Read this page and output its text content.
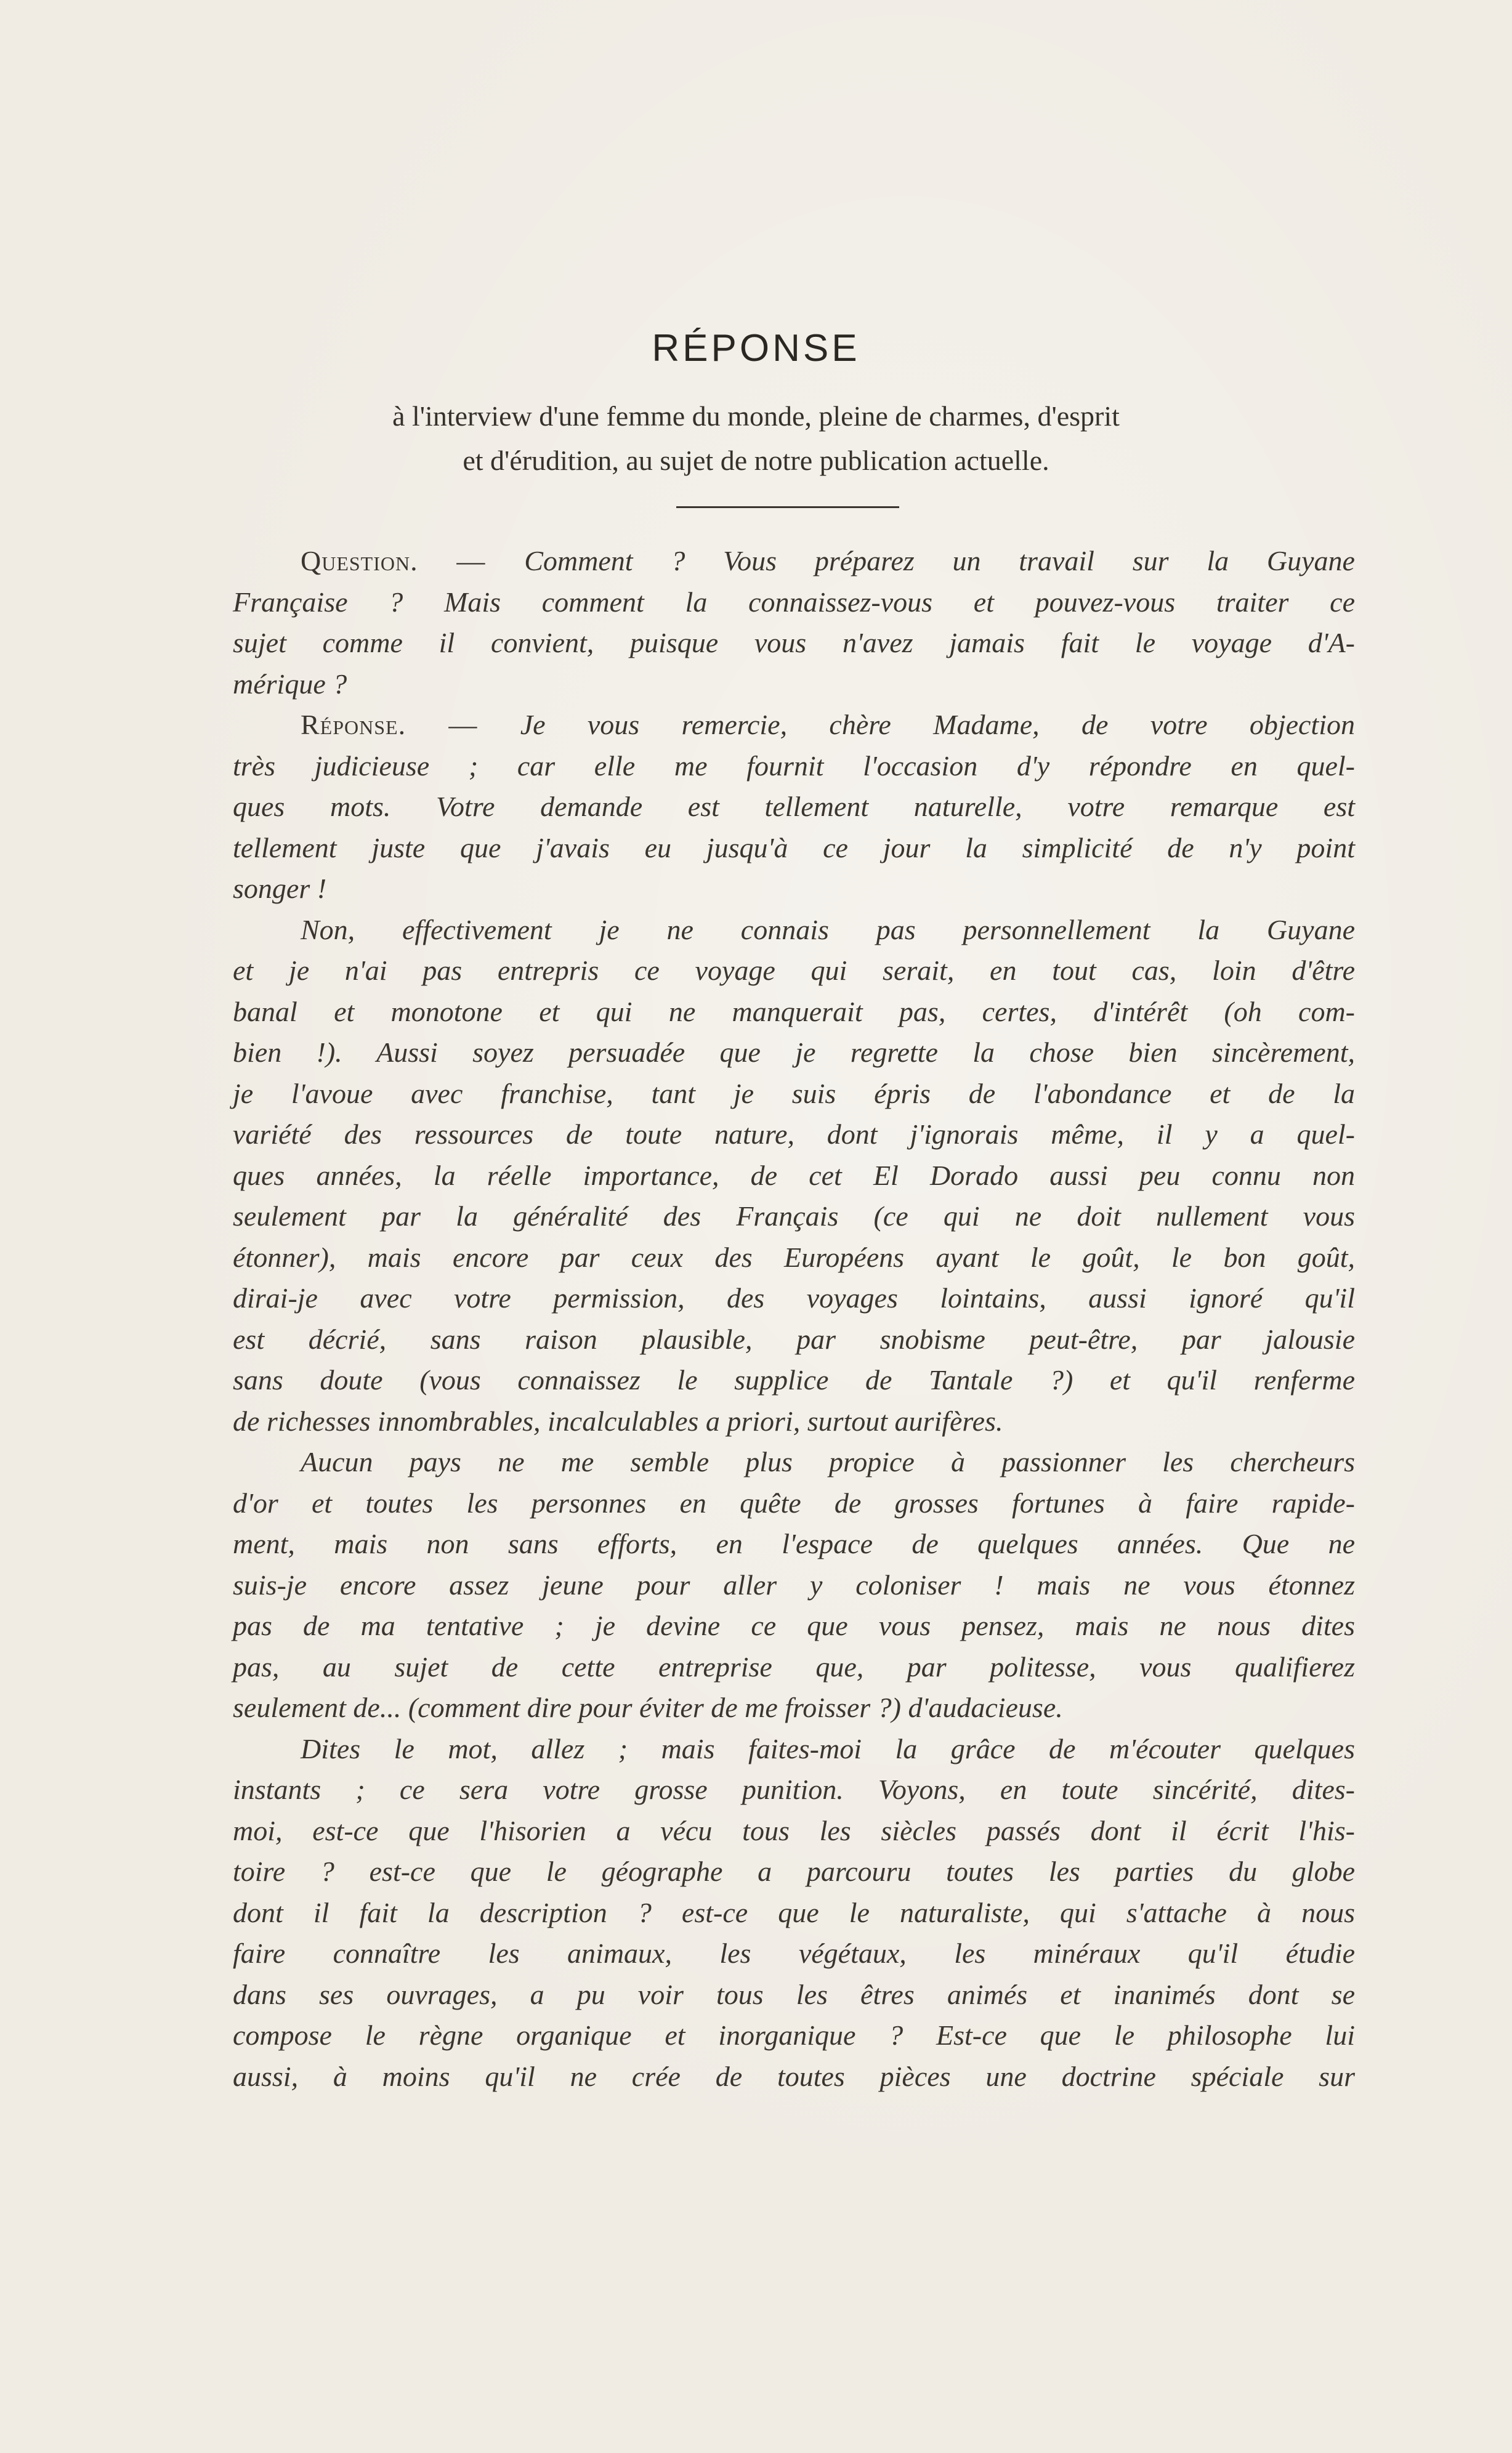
RÉPONSE
à l'interview d'une femme du monde, pleine de charmes, d'esprit
et d'érudition, au sujet de notre publication actuelle.
Question. — Comment ? Vous préparez un travail sur la Guyane
Française ? Mais comment la connaissez-vous et pouvez-vous traiter ce
sujet comme il convient, puisque vous n'avez jamais fait le voyage d'A-
mérique ?
Réponse. — Je vous remercie, chère Madame, de votre objection
très judicieuse ; car elle me fournit l'occasion d'y répondre en quel-
ques mots. Votre demande est tellement naturelle, votre remarque est
tellement juste que j'avais eu jusqu'à ce jour la simplicité de n'y point
songer !
Non, effectivement je ne connais pas personnellement la Guyane
et je n'ai pas entrepris ce voyage qui serait, en tout cas, loin d'être
banal et monotone et qui ne manquerait pas, certes, d'intérêt (oh com-
bien !). Aussi soyez persuadée que je regrette la chose bien sincèrement,
je l'avoue avec franchise, tant je suis épris de l'abondance et de la
variété des ressources de toute nature, dont j'ignorais même, il y a quel-
ques années, la réelle importance, de cet El Dorado aussi peu connu non
seulement par la généralité des Français (ce qui ne doit nullement vous
étonner), mais encore par ceux des Européens ayant le goût, le bon goût,
dirai-je avec votre permission, des voyages lointains, aussi ignoré qu'il
est décrié, sans raison plausible, par snobisme peut-être, par jalousie
sans doute (vous connaissez le supplice de Tantale ?) et qu'il renferme
de richesses innombrables, incalculables a priori, surtout aurifères.
Aucun pays ne me semble plus propice à passionner les chercheurs
d'or et toutes les personnes en quête de grosses fortunes à faire rapide-
ment, mais non sans efforts, en l'espace de quelques années. Que ne
suis-je encore assez jeune pour aller y coloniser ! mais ne vous étonnez
pas de ma tentative ; je devine ce que vous pensez, mais ne nous dites
pas, au sujet de cette entreprise que, par politesse, vous qualifierez
seulement de... (comment dire pour éviter de me froisser ?) d'audacieuse.
Dites le mot, allez ; mais faites-moi la grâce de m'écouter quelques
instants ; ce sera votre grosse punition. Voyons, en toute sincérité, dites-
moi, est-ce que l'hisorien a vécu tous les siècles passés dont il écrit l'his-
toire ? est-ce que le géographe a parcouru toutes les parties du globe
dont il fait la description ? est-ce que le naturaliste, qui s'attache à nous
faire connaître les animaux, les végétaux, les minéraux qu'il étudie
dans ses ouvrages, a pu voir tous les êtres animés et inanimés dont se
compose le règne organique et inorganique ? Est-ce que le philosophe lui
aussi, à moins qu'il ne crée de toutes pièces une doctrine spéciale sur
